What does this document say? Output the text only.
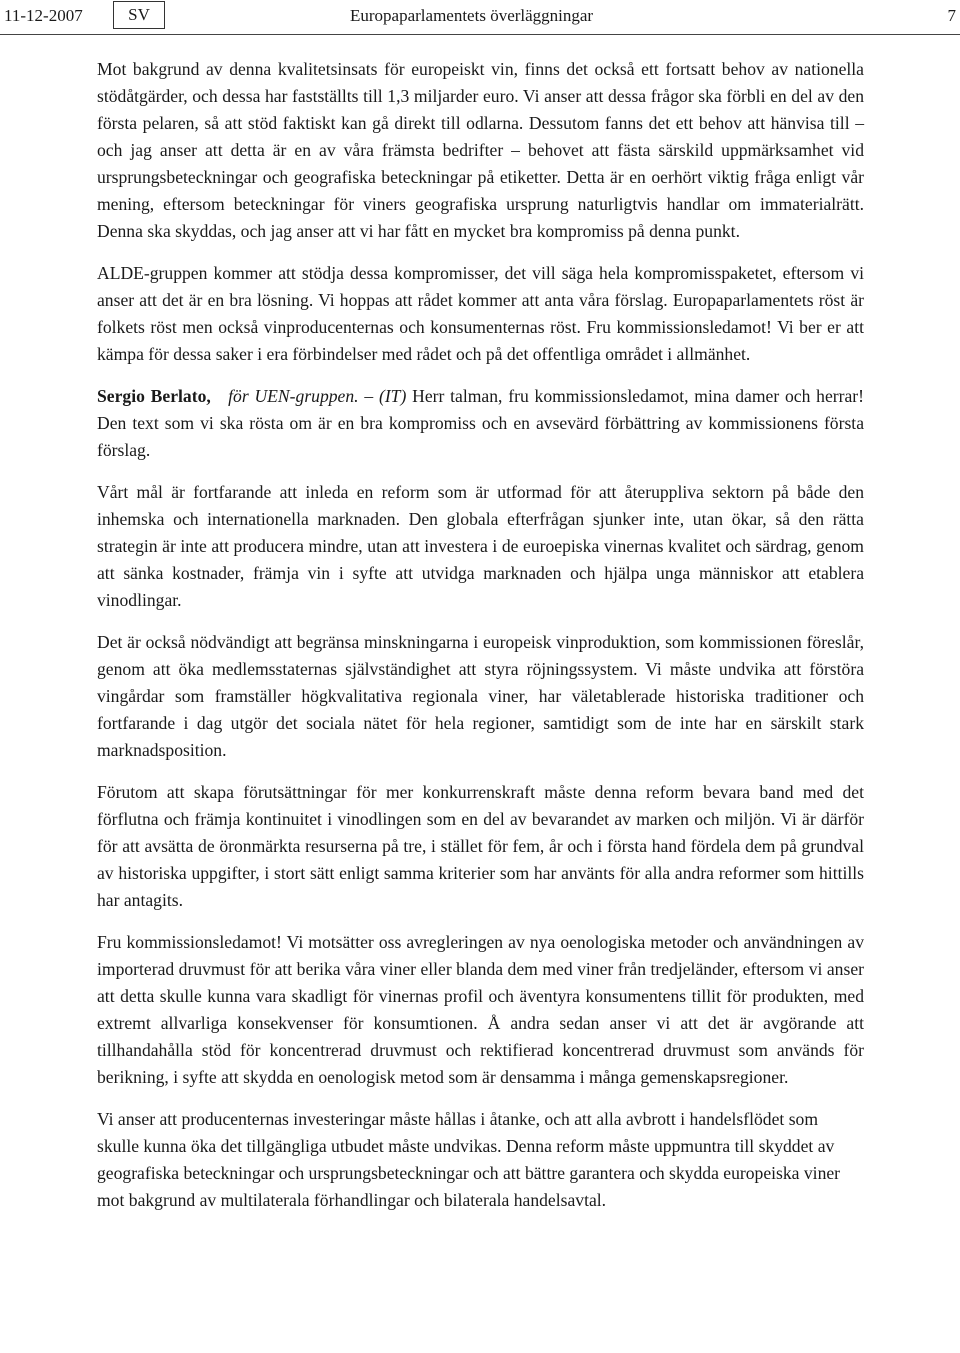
11-12-2007	SV	Europaparlamentets överläggningar	7

Mot bakgrund av denna kvalitetsinsats för europeiskt vin, finns det också ett fortsatt behov av nationella stödåtgärder, och dessa har fastställts till 1,3 miljarder euro. Vi anser att dessa frågor ska förbli en del av den första pelaren, så att stöd faktiskt kan gå direkt till odlarna. Dessutom fanns det ett behov att hänvisa till – och jag anser att detta är en av våra främsta bedrifter – behovet att fästa särskild uppmärksamhet vid ursprungsbeteckningar och geografiska beteckningar på etiketter. Detta är en oerhört viktig fråga enligt vår mening, eftersom beteckningar för viners geografiska ursprung naturligtvis handlar om immaterialrätt. Denna ska skyddas, och jag anser att vi har fått en mycket bra kompromiss på denna punkt.

ALDE-gruppen kommer att stödja dessa kompromisser, det vill säga hela kompromisspaketet, eftersom vi anser att det är en bra lösning. Vi hoppas att rådet kommer att anta våra förslag. Europaparlamentets röst är folkets röst men också vinproducenternas och konsumenternas röst. Fru kommissionsledamot! Vi ber er att kämpa för dessa saker i era förbindelser med rådet och på det offentliga området i allmänhet.

Sergio Berlato, för UEN-gruppen. – (IT) Herr talman, fru kommissionsledamot, mina damer och herrar! Den text som vi ska rösta om är en bra kompromiss och en avsevärd förbättring av kommissionens första förslag.

Vårt mål är fortfarande att inleda en reform som är utformad för att återuppliva sektorn på både den inhemska och internationella marknaden. Den globala efterfrågan sjunker inte, utan ökar, så den rätta strategin är inte att producera mindre, utan att investera i de euroepiska vinernas kvalitet och särdrag, genom att sänka kostnader, främja vin i syfte att utvidga marknaden och hjälpa unga människor att etablera vinodlingar.

Det är också nödvändigt att begränsa minskningarna i europeisk vinproduktion, som kommissionen föreslår, genom att öka medlemsstaternas självständighet att styra röjningssystem. Vi måste undvika att förstöra vingårdar som framställer högkvalitativa regionala viner, har väletablerade historiska traditioner och fortfarande i dag utgör det sociala nätet för hela regioner, samtidigt som de inte har en särskilt stark marknadsposition.

Förutom att skapa förutsättningar för mer konkurrenskraft måste denna reform bevara band med det förflutna och främja kontinuitet i vinodlingen som en del av bevarandet av marken och miljön. Vi är därför för att avsätta de öronmärkta resurserna på tre, i stället för fem, år och i första hand fördela dem på grundval av historiska uppgifter, i stort sätt enligt samma kriterier som har använts för alla andra reformer som hittills har antagits.

Fru kommissionsledamot! Vi motsätter oss avregleringen av nya oenologiska metoder och användningen av importerad druvmust för att berika våra viner eller blanda dem med viner från tredjeländer, eftersom vi anser att detta skulle kunna vara skadligt för vinernas profil och äventyra konsumentens tillit för produkten, med extremt allvarliga konsekvenser för konsumtionen. Å andra sedan anser vi att det är avgörande att tillhandahålla stöd för koncentrerad druvmust och rektifierad koncentrerad druvmust som används för berikning, i syfte att skydda en oenologisk metod som är densamma i många gemenskapsregioner.

Vi anser att producenternas investeringar måste hållas i åtanke, och att alla avbrott i handelsflödet som skulle kunna öka det tillgängliga utbudet måste undvikas. Denna reform måste uppmuntra till skyddet av geografiska beteckningar och ursprungsbeteckningar och att bättre garantera och skydda europeiska viner mot bakgrund av multilaterala förhandlingar och bilaterala handelsavtal.
